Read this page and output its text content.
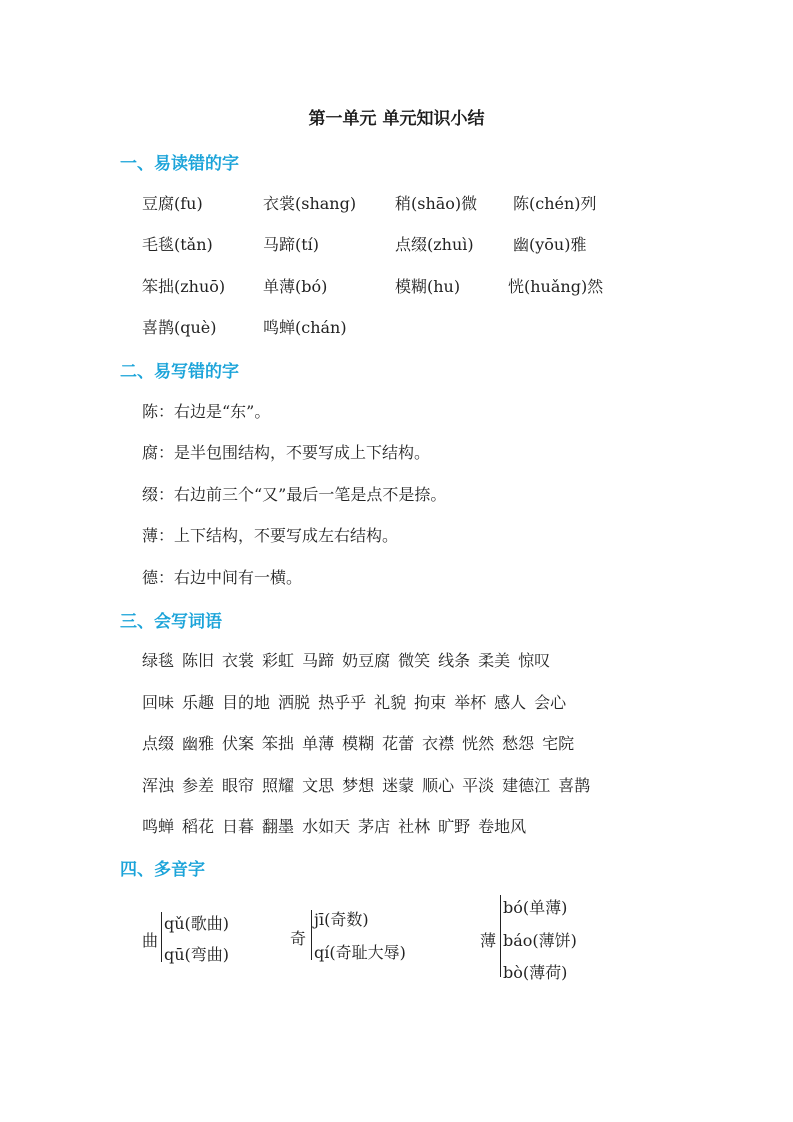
第一单元 单元知识小结
一、易读错的字
豆腐(fu)	衣裳(shang) 稍(shāo)微 陈(chén)列
毛毯(tǎn)	马蹄(tí)	点缀(zhuì) 幽(yōu)雅
笨拙(zhuō) 单薄(bó)	模糊(hu)	恍(huǎng)然
喜鹊(què)	鸣蝉(chán)
二、易写错的字
陈：右边是“东”。
腐：是半包围结构，不要写成上下结构。
缀：右边前三个“又”最后一笔是点不是捺。
薄：上下结构，不要写成左右结构。
德：右边中间有一横。
三、会写词语
绿毯 陈旧 衣裳 彩虹 马蹄 奶豆腐 微笑 线条 柔美 惊叹
回味 乐趣 目的地 洒脱 热乎乎 礼貌 拘束 举杯 感人 会心
点缀 幽雅 伏案 笨拙 单薄 模糊 花蕾 衣襟 恍然 愁怨 宅院
浑浊 参差 眼帘 照耀 文思 梦想 迷蒙 顺心 平淡 建德江 喜鹊
鸣蝉 稻花 日暮 翻墨 水如天 茅店 社林 旷野 卷地风
四、多音字
曲
qǔ(歌曲)
qū(弯曲)
奇
jī(奇数)
qí(奇耻大辱)
薄
bó(单薄)
báo(薄饼)
bò(薄荷)
